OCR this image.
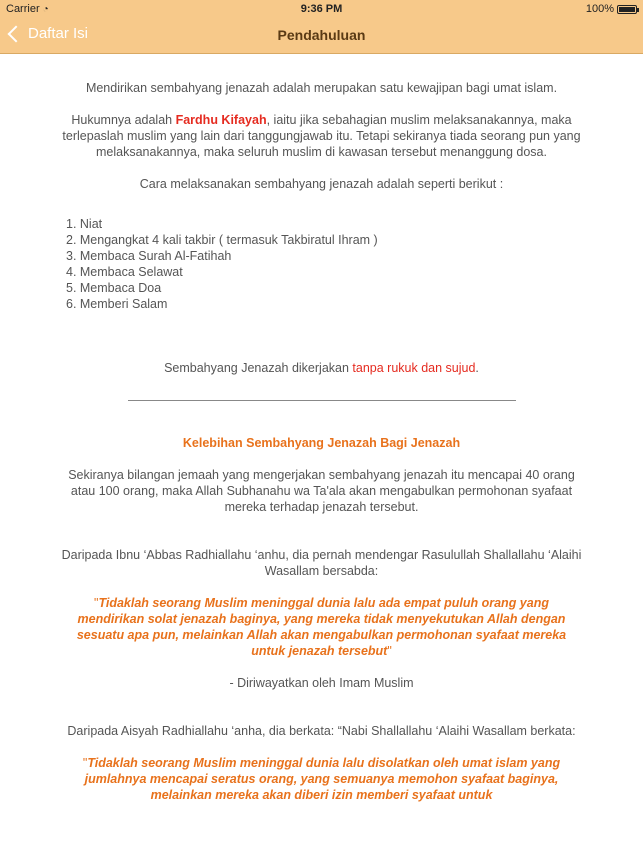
Carrier ◔	9:36 PM	100%
Daftar Isi	Pendahuluan

Mendirikan sembahyang jenazah adalah merupakan satu kewajipan bagi umat islam.

Hukumnya adalah Fardhu Kifayah, iaitu jika sebahagian muslim melaksanakannya, maka terlepaslah muslim yang lain dari tanggungjawab itu. Tetapi sekiranya tiada seorang pun yang melaksanakannya, maka seluruh muslim di kawasan tersebut menanggung dosa.

Cara melaksanakan sembahyang jenazah adalah seperti berikut :

1. Niat
2. Mengangkat 4 kali takbir ( termasuk Takbiratul Ihram )
3. Membaca Surah Al-Fatihah
4. Membaca Selawat
5. Membaca Doa
6. Memberi Salam

Sembahyang Jenazah dikerjakan tanpa rukuk dan sujud.

Kelebihan Sembahyang Jenazah Bagi Jenazah

Sekiranya bilangan jemaah yang mengerjakan sembahyang jenazah itu mencapai 40 orang atau 100 orang, maka Allah Subhanahu wa Ta'ala akan mengabulkan permohonan syafaat mereka terhadap jenazah tersebut.

Daripada Ibnu ‘Abbas Radhiallahu ‘anhu, dia pernah mendengar Rasulullah Shallallahu ‘Alaihi Wasallam bersabda:

"Tidaklah seorang Muslim meninggal dunia lalu ada empat puluh orang yang mendirikan solat jenazah baginya, yang mereka tidak menyekutukan Allah dengan sesuatu apa pun, melainkan Allah akan mengabulkan permohonan syafaat mereka untuk jenazah tersebut"

- Diriwayatkan oleh Imam Muslim

Daripada Aisyah Radhiallahu ‘anha, dia berkata: “Nabi Shallallahu ‘Alaihi Wasallam berkata:

"Tidaklah seorang Muslim meninggal dunia lalu disolatkan oleh umat islam yang jumlahnya mencapai seratus orang, yang semuanya memohon syafaat baginya, melainkan mereka akan diberi izin memberi syafaat untuk
